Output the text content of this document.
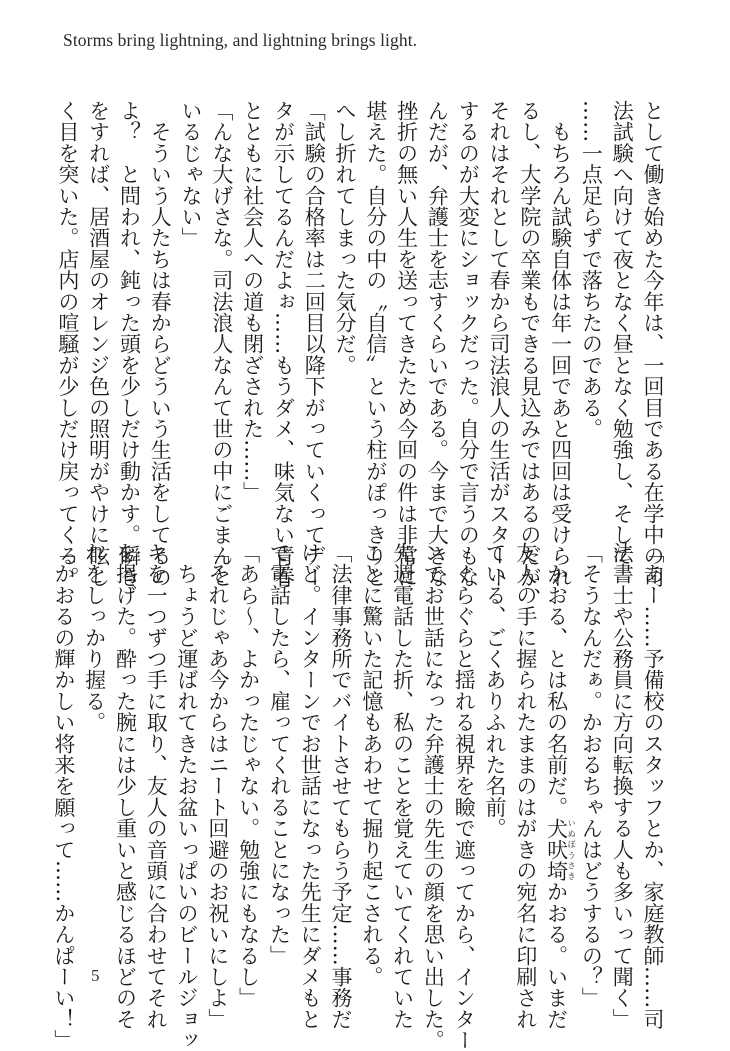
Storms bring lightning, and lightning brings light.
として働き始めた今年は、一回目である在学中の司
法試験へ向けて夜となく昼となく勉強し、そして
……一点足らずで落ちたのである。
　もちろん試験自体は年一回であと四回は受けられ
るし、大学院の卒業もできる見込みではあるのだが、
それはそれとして春から司法浪人の生活がスタート
するのが大変にショックだった。自分で言うのもな
んだが、弁護士を志すくらいである。今まで大きな
挫折の無い人生を送ってきたため今回の件は非常に
堪えた。自分の中の〝自信〟という柱がぽっきりと
へし折れてしまった気分だ。
「試験の合格率は二回目以降下がっていくってデー
タが示してるんだよぉ……もうダメ、味気ない青春
とともに社会人への道も閉ざされた……」
「んな大げさな。司法浪人なんて世の中にごまんと
いるじゃない」
　そういう人たちは春からどういう生活をしてるの
よ？　と問われ、鈍った頭を少しだけ動かす。瞬き
をすれば、居酒屋のオレンジ色の照明がやけに眩し
く目を突いた。店内の喧騒が少しだけ戻ってくる。
「あー……予備校のスタッフとか、家庭教師……司
法書士や公務員に方向転換する人も多いって聞く」
「そうなんだぁ。かおるちゃんはどうするの？」
　かおる、とは私の名前だ。犬吠埼いぬぼうさきかおる。いまだ
友人の手に握られたままのはがきの宛名に印刷され
ている、ごくありふれた名前。
　ぐらぐらと揺れる視界を瞼で遮ってから、インター
ンでお世話になった弁護士の先生の顔を思い出した。
先週電話した折、私のことを覚えていてくれていた
ことに驚いた記憶もあわせて掘り起こされる。
「法律事務所でバイトさせてもらう予定……事務だ
けど。インターンでお世話になった先生にダメもと
で電話したら、雇ってくれることになった」
「あら〜、よかったじゃない。勉強にもなるし」
「それじゃあ今からはニート回避のお祝いにしよ」
　ちょうど運ばれてきたお盆いっぱいのビールジョッ
キを一つずつ手に取り、友人の音頭に合わせてそれ
を掲げた。酔った腕には少し重いと感じるほどのそ
れをしっかり握る。
「かおるの輝かしい将来を願って……かんぱーい！」 5
